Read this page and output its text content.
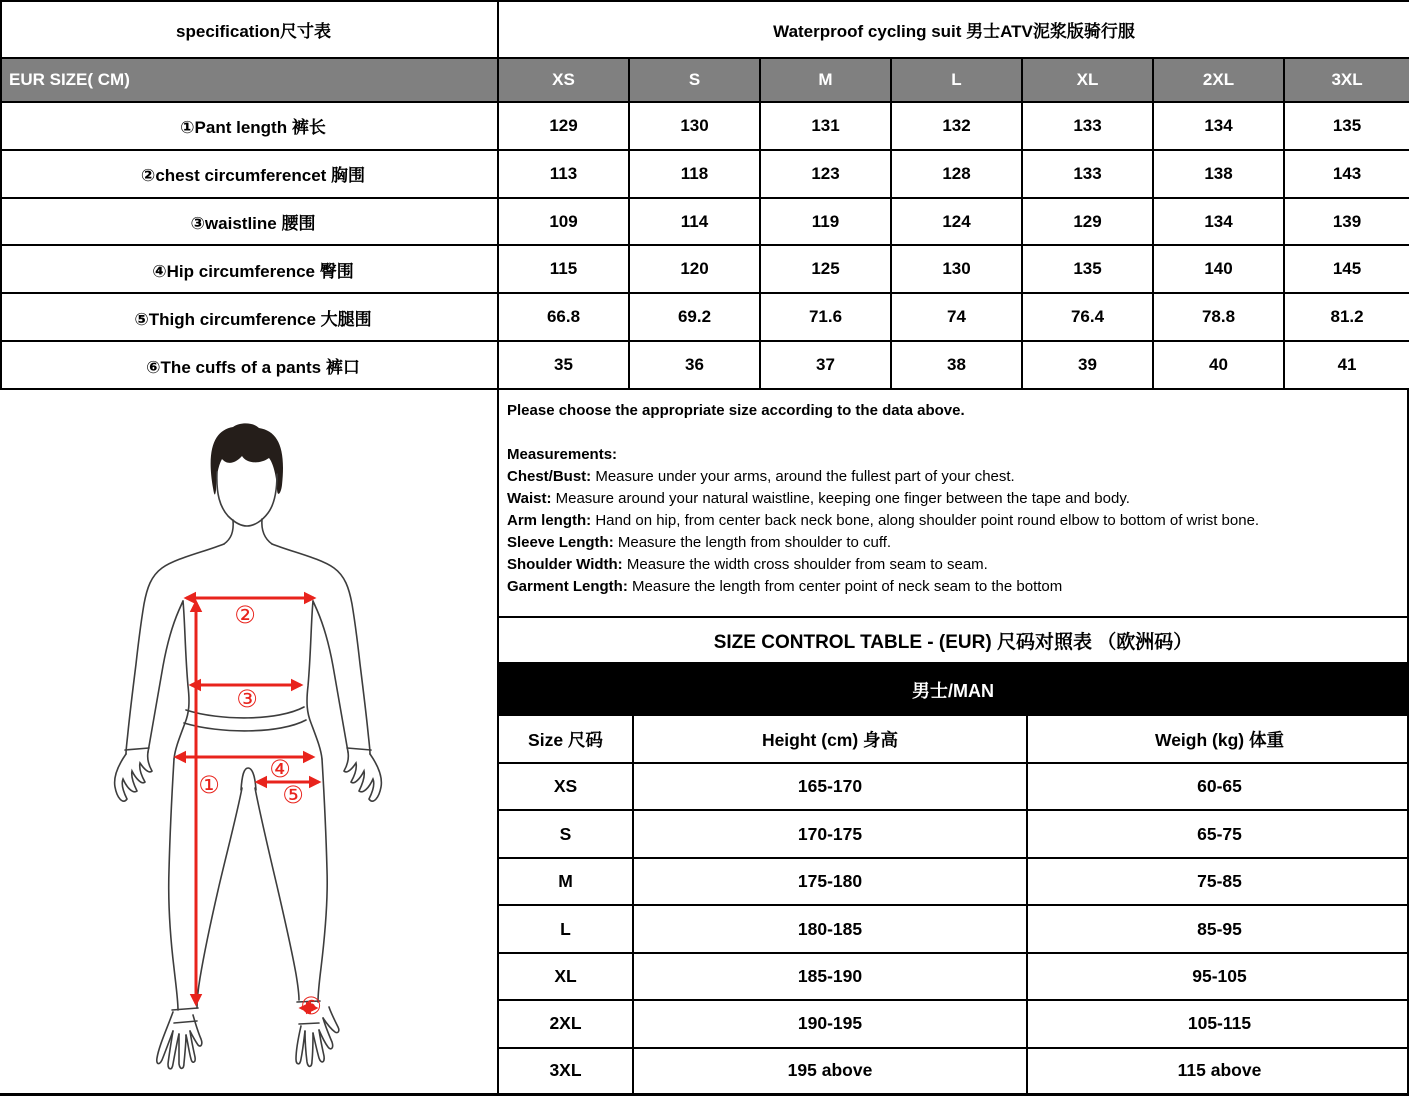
specification尺寸表	Waterproof cycling suit 男士ATV泥浆版骑行服						
EUR SIZE( CM)	XS	S	M	L	XL	2XL	3XL
①Pant length 裤长	129	130	131	132	133	134	135
②chest circumferencet 胸围	113	118	123	128	133	138	143
③waistline 腰围	109	114	119	124	129	134	139
④Hip circumference 臀围	115	120	125	130	135	140	145
⑤Thigh circumference 大腿围	66.8	69.2	71.6	74	76.4	78.8	81.2
⑥The cuffs of a pants 裤口	35	36	37	38	39	40	41
①
②
③
④
⑤
⑥
Please choose the appropriate size according to the data above.
Measurements:
Chest/Bust: Measure under your arms, around the fullest part of your chest.
Waist: Measure around your natural waistline, keeping one finger between the tape and body.
Arm length: Hand on hip, from center back neck bone, along shoulder point round elbow to bottom of wrist bone.
Sleeve Length: Measure the length from shoulder to cuff.
Shoulder Width: Measure the width cross shoulder from seam to seam.
Garment Length: Measure the length from center point of neck seam to the bottom
SIZE CONTROL TABLE - (EUR) 尺码对照表 （欧洲码）
男士/MAN
Size 尺码	Height (cm) 身高	Weigh (kg) 体重
XS	165-170	60-65
S	170-175	65-75
M	175-180	75-85
L	180-185	85-95
XL	185-190	95-105
2XL	190-195	105-115
3XL	195 above	115 above
